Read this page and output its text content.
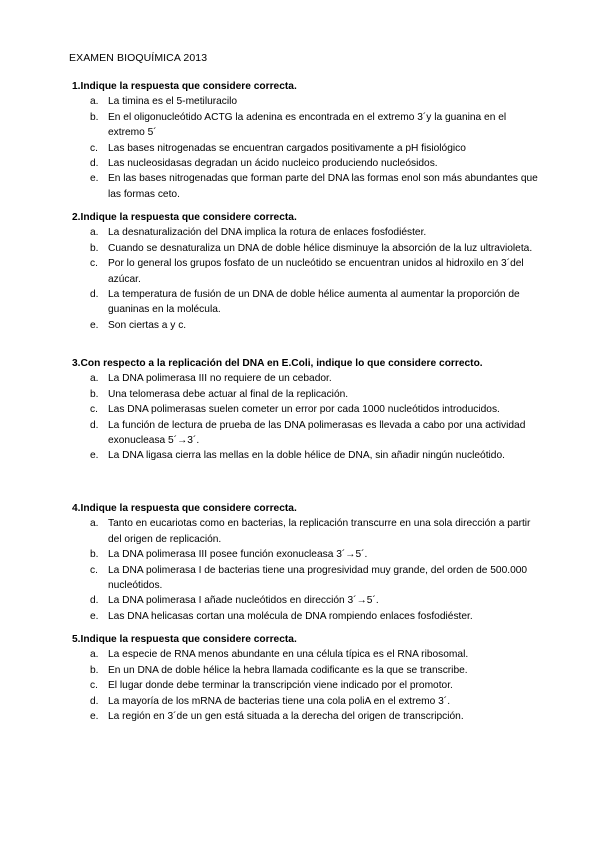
EXAMEN BIOQUÍMICA 2013
1.Indique la respuesta que considere correcta.
a. La timina es el 5-metiluracilo
b. En el oligonucleótido ACTG la adenina es encontrada en el extremo 3´y la guanina en el extremo 5´
c. Las bases nitrogenadas se encuentran cargados positivamente a pH fisiológico
d. Las nucleosidasas degradan un ácido nucleico produciendo nucleósidos.
e. En las bases nitrogenadas que forman parte del DNA las formas enol son más abundantes que las formas ceto.
2.Indique la respuesta que considere correcta.
a. La desnaturalización del DNA implica la rotura de enlaces fosfodiéster.
b. Cuando se desnaturaliza un DNA de doble hélice disminuye la absorción de la luz ultravioleta.
c. Por lo general los grupos fosfato de un nucleótido se encuentran unidos al hidroxilo en 3´del azúcar.
d. La temperatura de fusión de un DNA de doble hélice aumenta al aumentar la proporción de guaninas en la molécula.
e. Son ciertas a y c.
3.Con respecto a la replicación del DNA en E.Coli, indique lo que considere correcto.
a. La DNA polimerasa III no requiere de un cebador.
b. Una telomerasa debe actuar al final de la replicación.
c. Las DNA polimerasas suelen cometer un error por cada 1000 nucleótidos introducidos.
d. La función de lectura de prueba de las DNA polimerasas es llevada a cabo por una actividad exonucleasa 5´→3´.
e. La DNA ligasa cierra las mellas en la doble hélice de DNA, sin añadir ningún nucleótido.
4.Indique la respuesta que considere correcta.
a. Tanto en eucariotas como en bacterias, la replicación transcurre en una sola dirección a partir del origen de replicación.
b. La DNA polimerasa III posee función exonucleasa 3´→5´.
c. La DNA polimerasa I de bacterias tiene una progresividad muy grande, del orden de 500.000 nucleótidos.
d. La DNA polimerasa I añade nucleótidos en dirección 3´→5´.
e. Las DNA helicasas cortan una molécula de DNA rompiendo enlaces fosfodiéster.
5.Indique la respuesta que considere correcta.
a. La especie de RNA menos abundante en una célula típica es el RNA ribosomal.
b. En un DNA de doble hélice la hebra llamada codificante es la que se transcribe.
c. El lugar donde debe terminar la transcripción viene indicado por el promotor.
d. La mayoría de los mRNA de bacterias tiene una cola poliA en el extremo 3´.
e. La región en 3´de un gen está situada a la derecha del origen de transcripción.
